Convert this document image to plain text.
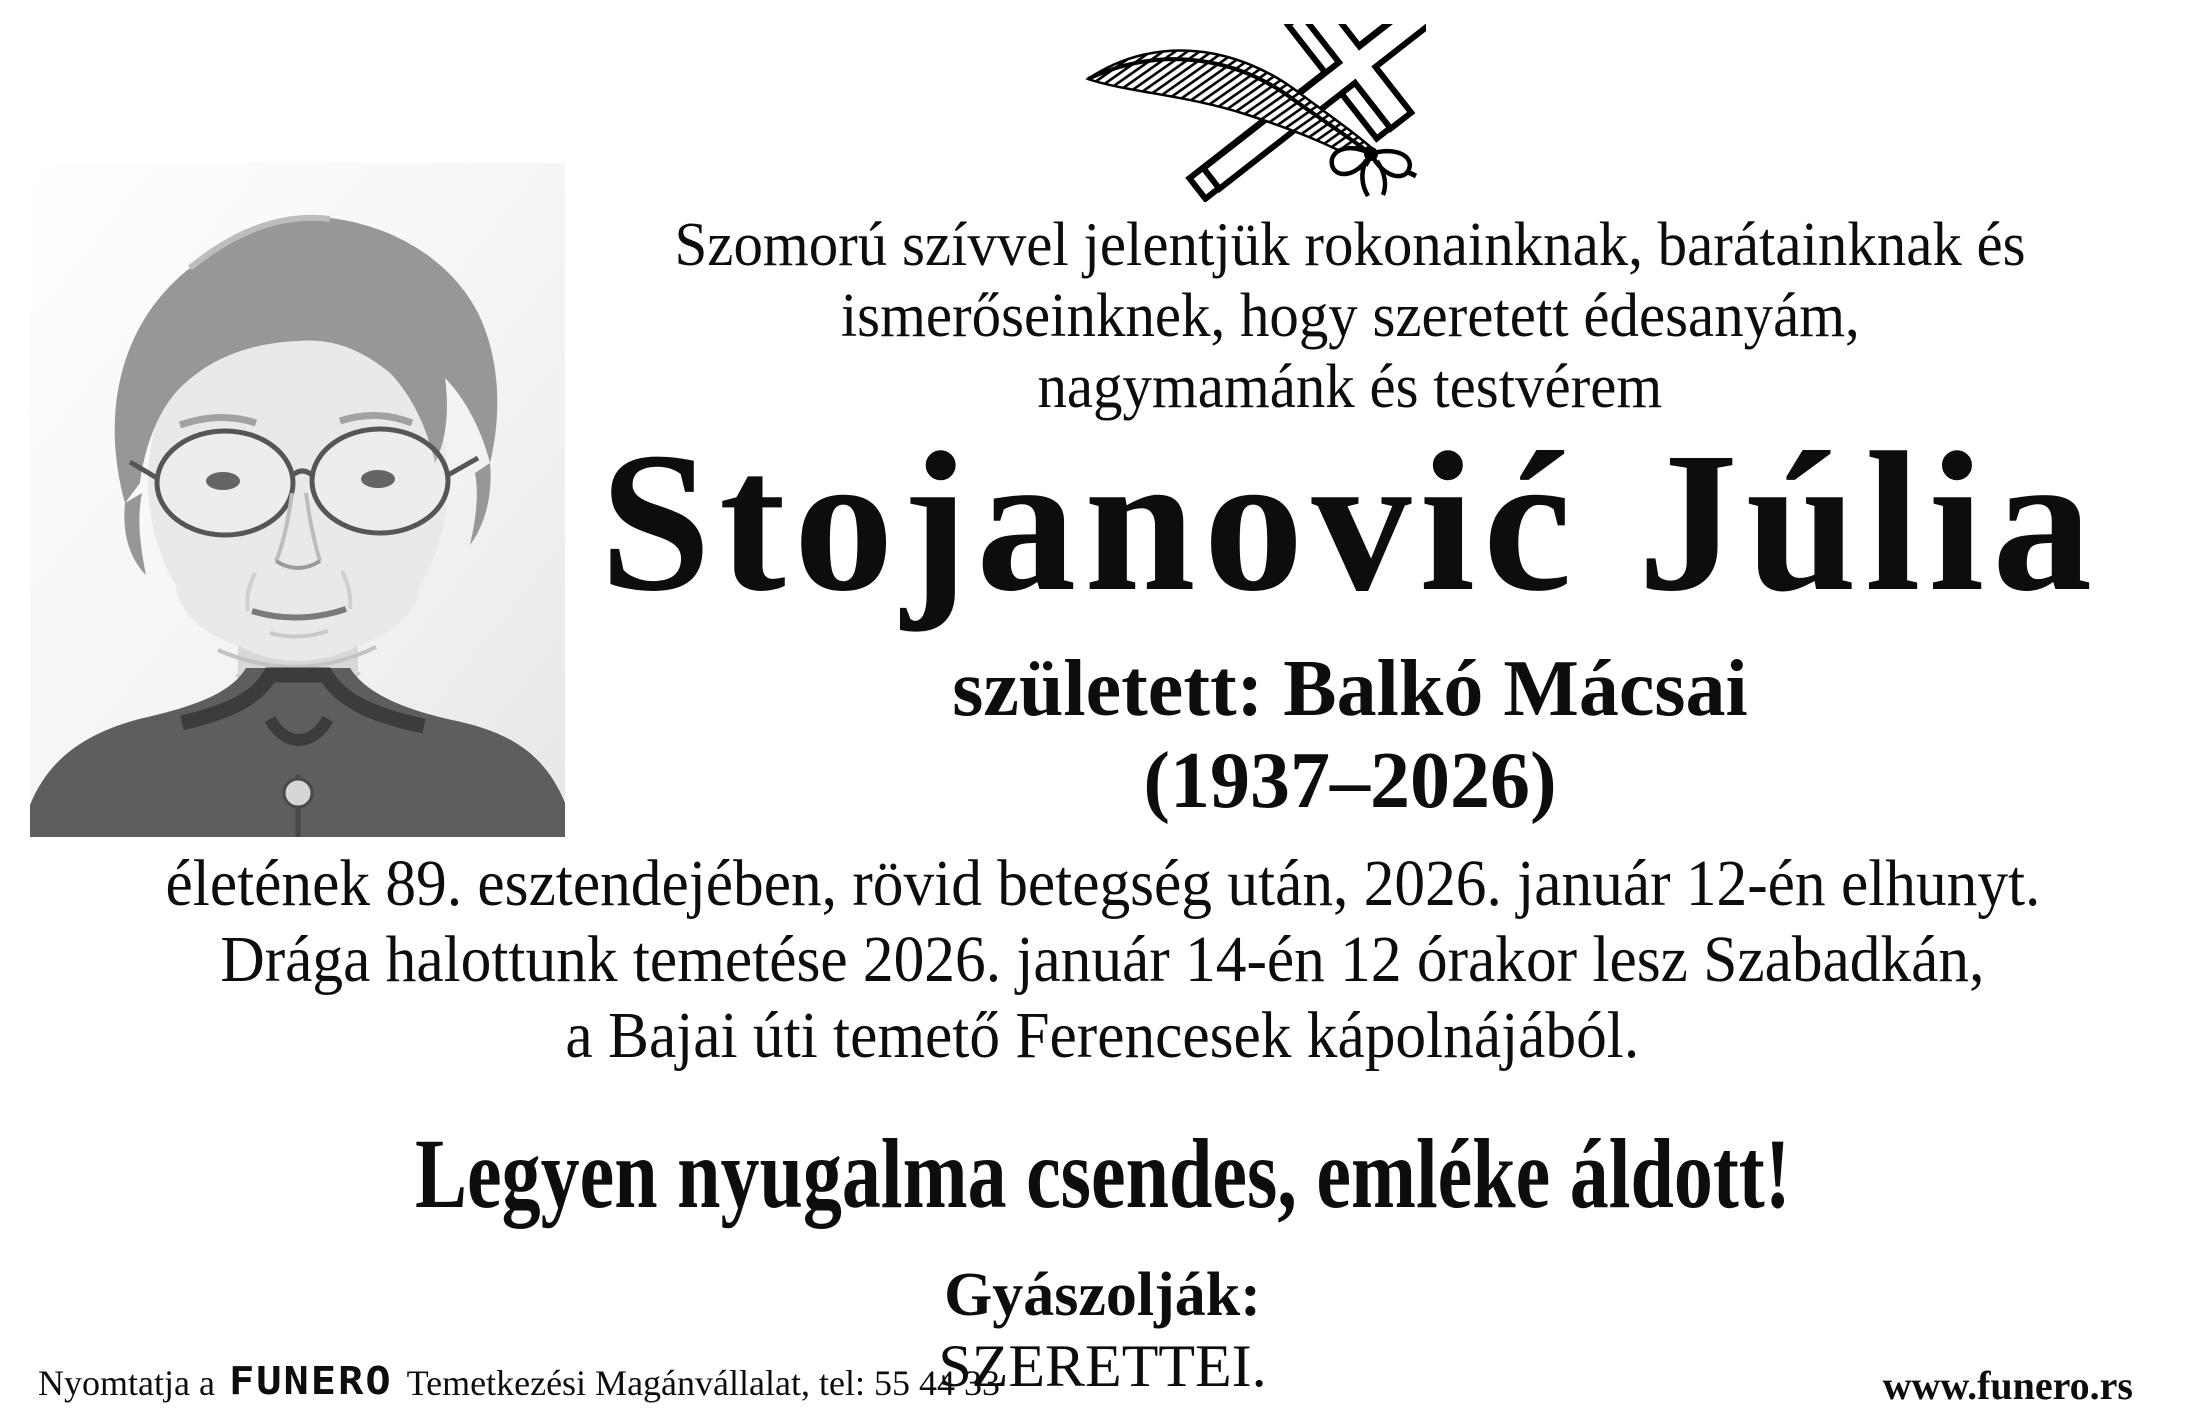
Szomorú szívvel jelentjük rokonainknak, barátainknak és

ismerőseinknek, hogy szeretett édesanyám,

nagymamánk és testvérem

Stojanović Júlia
született: Balkó Mácsai
(1937–2026)

életének 89. esztendejében, rövid betegség után, 2026. január 12-én elhunyt.

Drága halottunk temetése 2026. január 14-én 12 órakor lesz Szabadkán,

a Bajai úti temető Ferencesek kápolnájából.

Legyen nyugalma csendes, emléke áldott!
Gyászolják:
SZERETTEI.
Nyomtatja a FUNERO Temetkezési Magánvállalat, tel: 55 44 33	www.funero.rs
